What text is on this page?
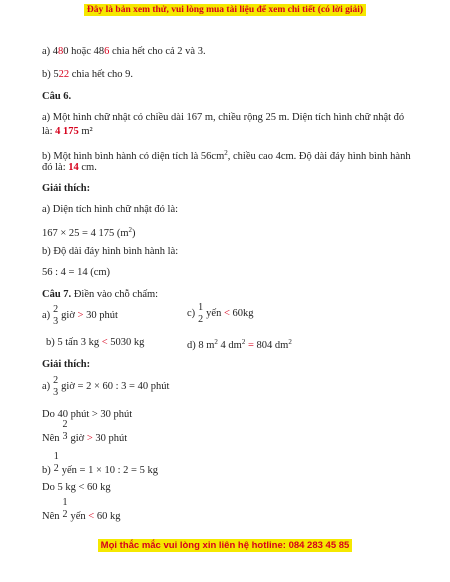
Đây là bản xem thử, vui lòng mua tài liệu để xem chi tiết (có lời giải)
a) 480 hoặc 486 chia hết cho cả 2 và 3.
b) 522 chia hết cho 9.
Câu 6.
a) Một hình chữ nhật có chiều dài 167 m, chiều rộng 25 m. Diện tích hình chữ nhật đó
là: 4 175 m²
b) Một hình bình hành có diện tích là $56cm^2$, chiều cao 4cm. Độ dài đáy hình bình hành
đó là: 14 cm.
Giải thích:
a) Diện tích hình chữ nhật đó là:
167 × 25 = 4 175 $(m^2)$
b) Độ dài đáy hình bình hành là:
56 : 4 = 14 (cm)
Câu 7. Điền vào chỗ chấm:
a)
2
3
giờ > 30 phút	c)
1
2
yến < 60kg
b) 5 tấn 3 kg < 5030 kg	d) 8 $m^2$ 4 $dm^2 = 804$ $dm^2$
Giải thích:
a)
2
3
giờ = 2 × 60 : 3 = 40 phút
Do 40 phút > 30 phút
Nên
2
3 giờ > 30 phút
b)
1
2 yến = 1 × 10 : 2 = 5 kg
Do 5 kg < 60 kg
Nên
1
2 yến < 60 kg
Mọi thắc mắc vui lòng xin liên hệ hotline: 084 283 45 85
